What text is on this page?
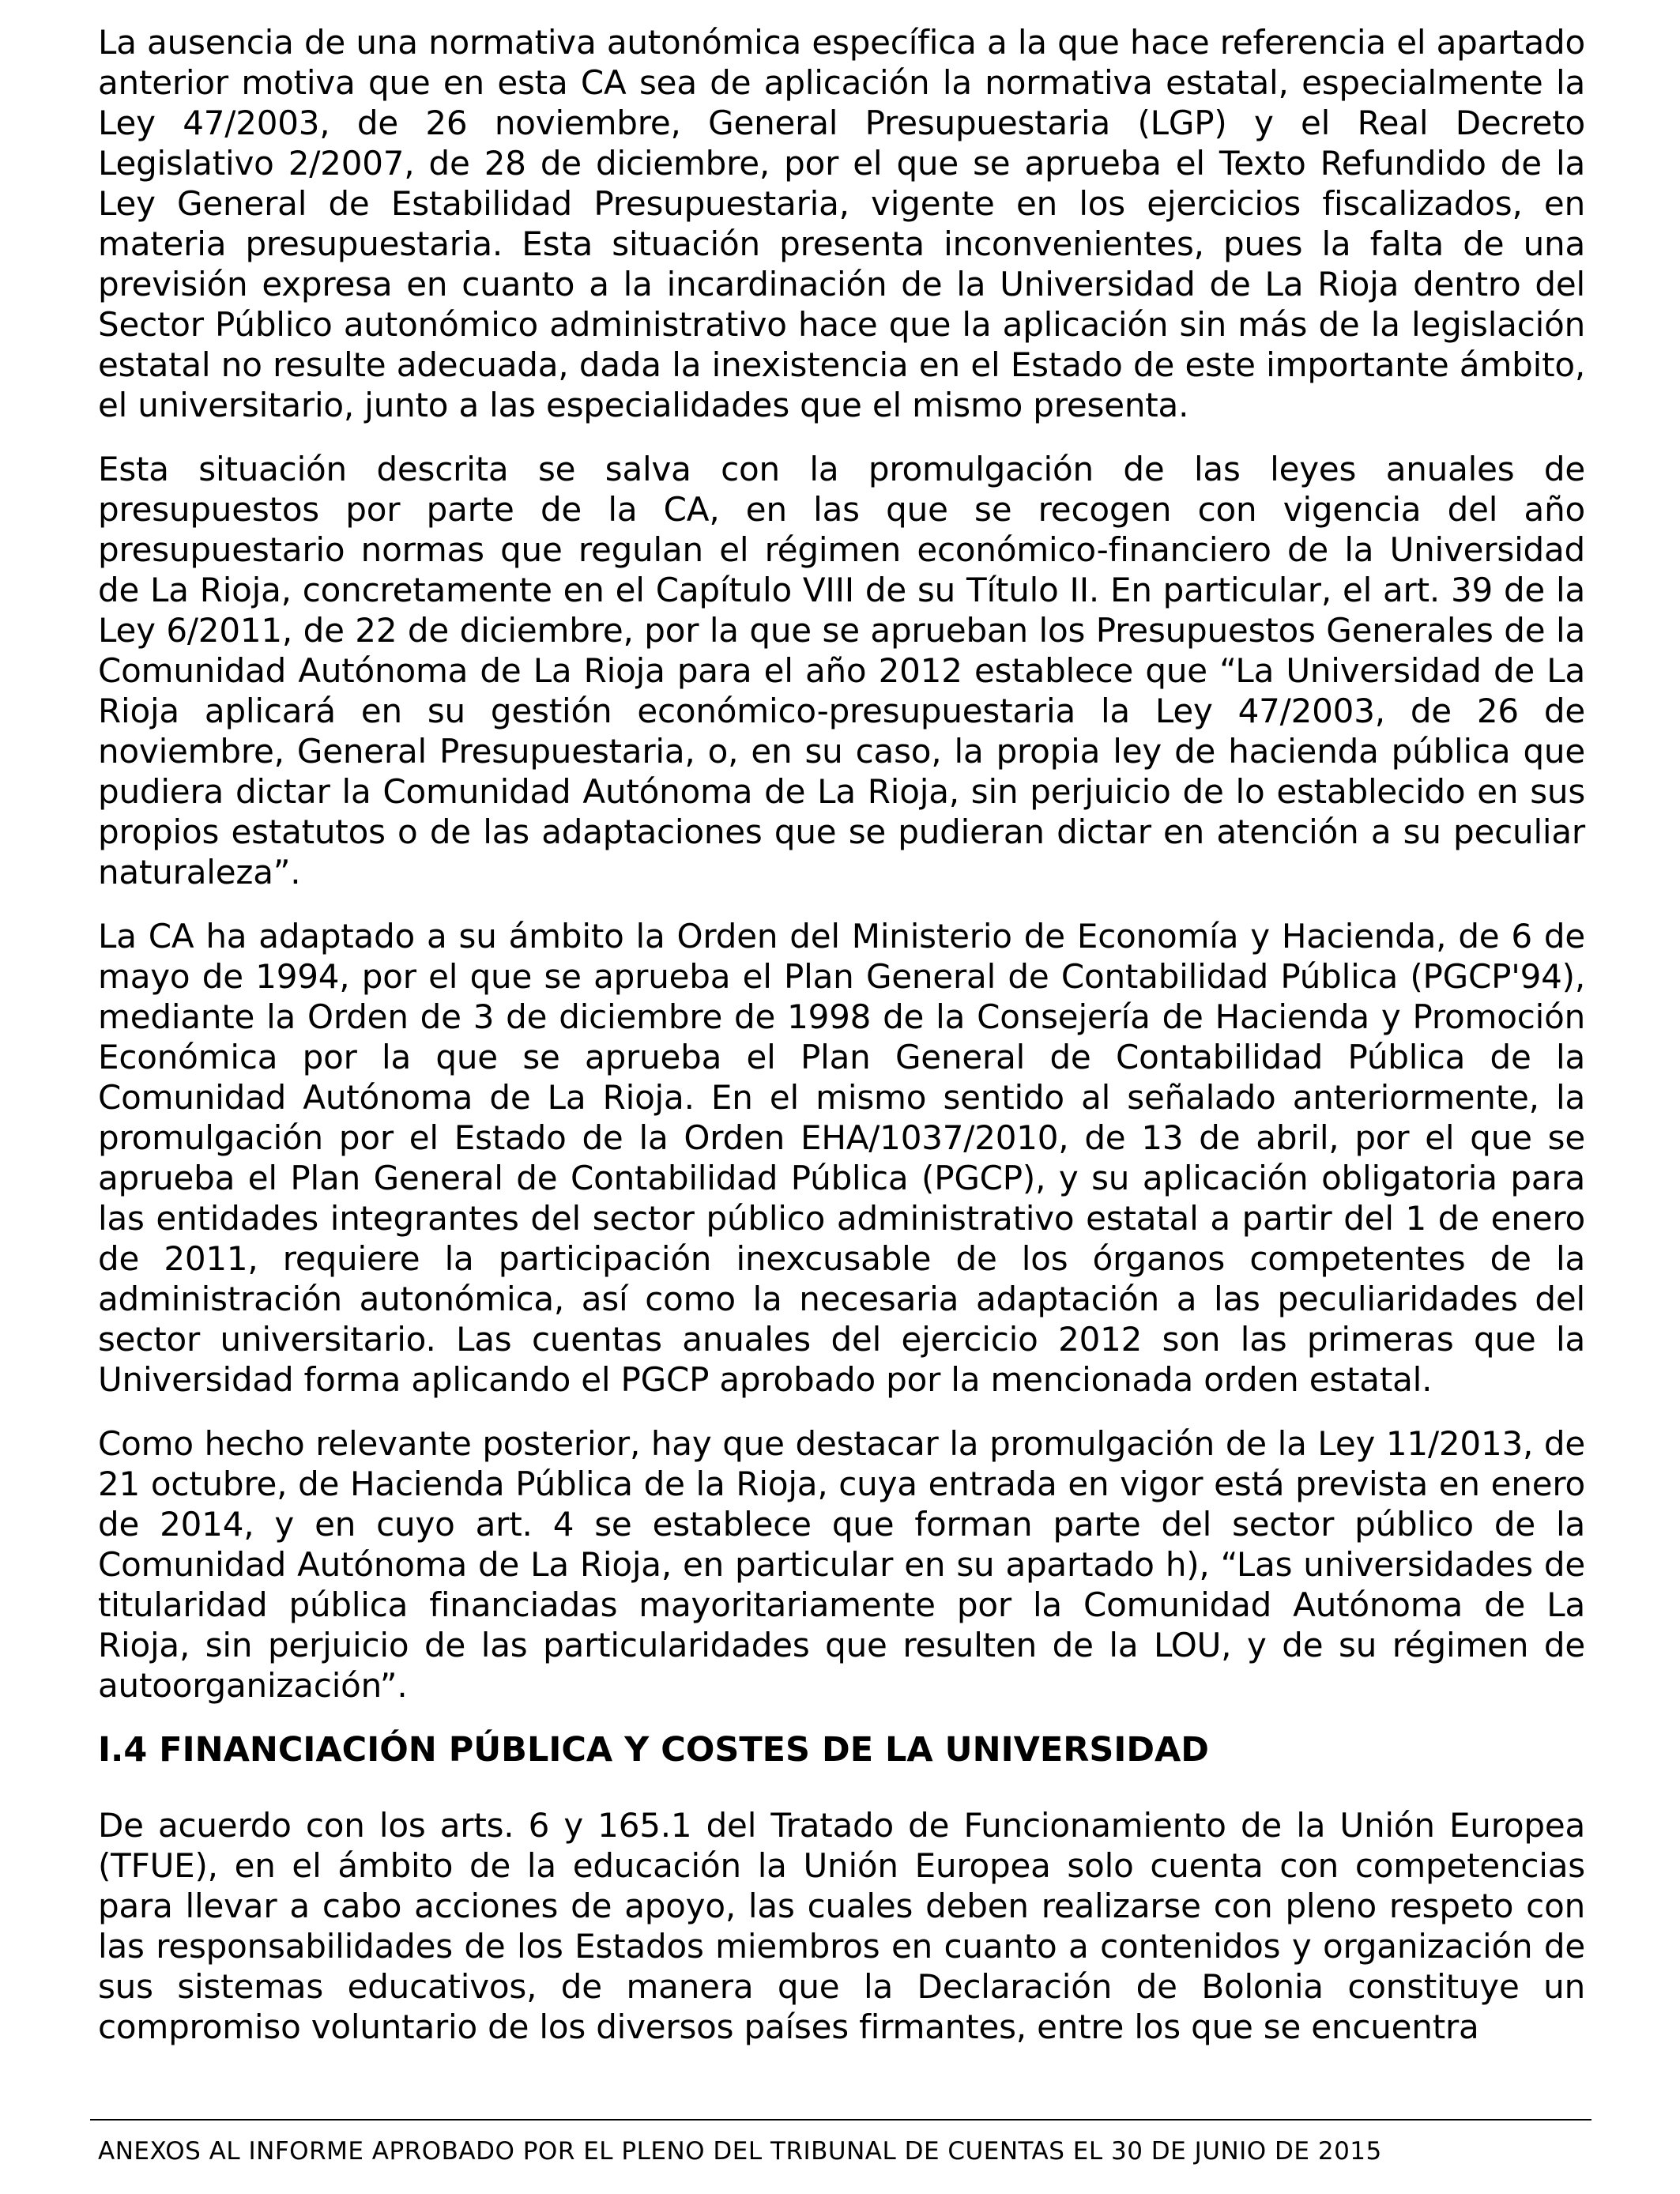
La ausencia de una normativa autonómica específica a la que hace referencia el apartado anterior motiva que en esta CA sea de aplicación la normativa estatal, especialmente la Ley 47/2003, de 26 noviembre, General Presupuestaria (LGP) y el Real Decreto Legislativo 2/2007, de 28 de diciembre, por el que se aprueba el Texto Refundido de la Ley General de Estabilidad Presupuestaria, vigente en los ejercicios fiscalizados, en materia presupuestaria. Esta situación presenta inconvenientes, pues la falta de una previsión expresa en cuanto a la incardinación de la Universidad de La Rioja dentro del Sector Público autonómico administrativo hace que la aplicación sin más de la legislación estatal no resulte adecuada, dada la inexistencia en el Estado de este importante ámbito, el universitario, junto a las especialidades que el mismo presenta.

Esta situación descrita se salva con la promulgación de las leyes anuales de presupuestos por parte de la CA, en las que se recogen con vigencia del año presupuestario normas que regulan el régimen económico-financiero de la Universidad de La Rioja, concretamente en el Capítulo VIII de su Título II. En particular, el art. 39 de la Ley 6/2011, de 22 de diciembre, por la que se aprueban los Presupuestos Generales de la Comunidad Autónoma de La Rioja para el año 2012 establece que “La Universidad de La Rioja aplicará en su gestión económico-presupuestaria la Ley 47/2003, de 26 de noviembre, General Presupuestaria, o, en su caso, la propia ley de hacienda pública que pudiera dictar la Comunidad Autónoma de La Rioja, sin perjuicio de lo establecido en sus propios estatutos o de las adaptaciones que se pudieran dictar en atención a su peculiar naturaleza”.

La CA ha adaptado a su ámbito la Orden del Ministerio de Economía y Hacienda, de 6 de mayo de 1994, por el que se aprueba el Plan General de Contabilidad Pública (PGCP'94), mediante la Orden de 3 de diciembre de 1998 de la Consejería de Hacienda y Promoción Económica por la que se aprueba el Plan General de Contabilidad Pública de la Comunidad Autónoma de La Rioja. En el mismo sentido al señalado anteriormente, la promulgación por el Estado de la Orden EHA/1037/2010, de 13 de abril, por el que se aprueba el Plan General de Contabilidad Pública (PGCP), y su aplicación obligatoria para las entidades integrantes del sector público administrativo estatal a partir del 1 de enero de 2011, requiere la participación inexcusable de los órganos competentes de la administración autonómica, así como la necesaria adaptación a las peculiaridades del sector universitario. Las cuentas anuales del ejercicio 2012 son las primeras que la Universidad forma aplicando el PGCP aprobado por la mencionada orden estatal.

Como hecho relevante posterior, hay que destacar la promulgación de la Ley 11/2013, de 21 octubre, de Hacienda Pública de la Rioja, cuya entrada en vigor está prevista en enero de 2014, y en cuyo art. 4 se establece que forman parte del sector público de la Comunidad Autónoma de La Rioja, en particular en su apartado h), “Las universidades de titularidad pública financiadas mayoritariamente por la Comunidad Autónoma de La Rioja, sin perjuicio de las particularidades que resulten de la LOU, y de su régimen de autoorganización”.

I.4 FINANCIACIÓN PÚBLICA Y COSTES DE LA UNIVERSIDAD

De acuerdo con los arts. 6 y 165.1 del Tratado de Funcionamiento de la Unión Europea (TFUE), en el ámbito de la educación la Unión Europea solo cuenta con competencias para llevar a cabo acciones de apoyo, las cuales deben realizarse con pleno respeto con las responsabilidades de los Estados miembros en cuanto a contenidos y organización de sus sistemas educativos, de manera que la Declaración de Bolonia constituye un compromiso voluntario de los diversos países firmantes, entre los que se encuentra

ANEXOS AL INFORME APROBADO POR EL PLENO DEL TRIBUNAL DE CUENTAS EL 30 DE JUNIO DE 2015
